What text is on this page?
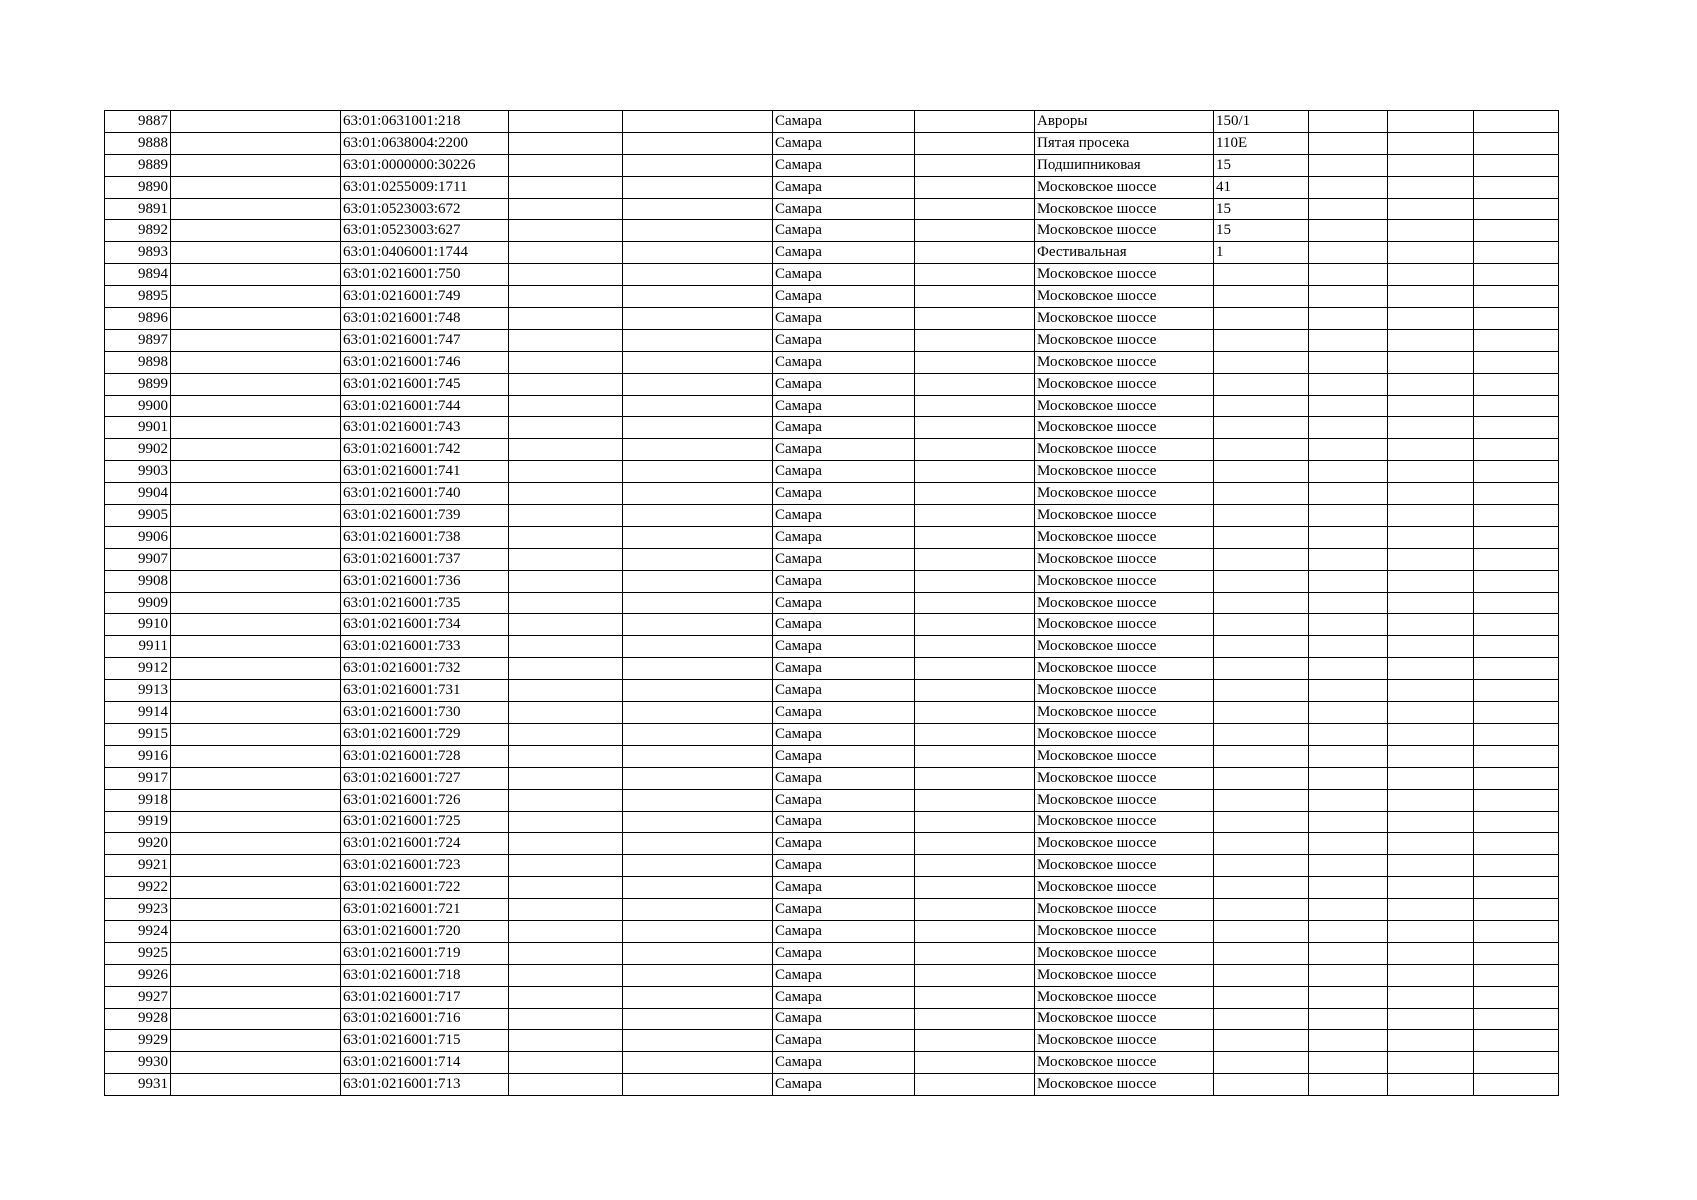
9887		63:01:0631001:218			Самара		Авроры	150/1			
9888		63:01:0638004:2200			Самара		Пятая просека	110Е			
9889		63:01:0000000:30226			Самара		Подшипниковая	15			
9890		63:01:0255009:1711			Самара		Московское шоссе	41			
9891		63:01:0523003:672			Самара		Московское шоссе	15			
9892		63:01:0523003:627			Самара		Московское шоссе	15			
9893		63:01:0406001:1744			Самара		Фестивальная	1			
9894		63:01:0216001:750			Самара		Московское шоссе				
9895		63:01:0216001:749			Самара		Московское шоссе				
9896		63:01:0216001:748			Самара		Московское шоссе				
9897		63:01:0216001:747			Самара		Московское шоссе				
9898		63:01:0216001:746			Самара		Московское шоссе				
9899		63:01:0216001:745			Самара		Московское шоссе				
9900		63:01:0216001:744			Самара		Московское шоссе				
9901		63:01:0216001:743			Самара		Московское шоссе				
9902		63:01:0216001:742			Самара		Московское шоссе				
9903		63:01:0216001:741			Самара		Московское шоссе				
9904		63:01:0216001:740			Самара		Московское шоссе				
9905		63:01:0216001:739			Самара		Московское шоссе				
9906		63:01:0216001:738			Самара		Московское шоссе				
9907		63:01:0216001:737			Самара		Московское шоссе				
9908		63:01:0216001:736			Самара		Московское шоссе				
9909		63:01:0216001:735			Самара		Московское шоссе				
9910		63:01:0216001:734			Самара		Московское шоссе				
9911		63:01:0216001:733			Самара		Московское шоссе				
9912		63:01:0216001:732			Самара		Московское шоссе				
9913		63:01:0216001:731			Самара		Московское шоссе				
9914		63:01:0216001:730			Самара		Московское шоссе				
9915		63:01:0216001:729			Самара		Московское шоссе				
9916		63:01:0216001:728			Самара		Московское шоссе				
9917		63:01:0216001:727			Самара		Московское шоссе				
9918		63:01:0216001:726			Самара		Московское шоссе				
9919		63:01:0216001:725			Самара		Московское шоссе				
9920		63:01:0216001:724			Самара		Московское шоссе				
9921		63:01:0216001:723			Самара		Московское шоссе				
9922		63:01:0216001:722			Самара		Московское шоссе				
9923		63:01:0216001:721			Самара		Московское шоссе				
9924		63:01:0216001:720			Самара		Московское шоссе				
9925		63:01:0216001:719			Самара		Московское шоссе				
9926		63:01:0216001:718			Самара		Московское шоссе				
9927		63:01:0216001:717			Самара		Московское шоссе				
9928		63:01:0216001:716			Самара		Московское шоссе				
9929		63:01:0216001:715			Самара		Московское шоссе				
9930		63:01:0216001:714			Самара		Московское шоссе				
9931		63:01:0216001:713			Самара		Московское шоссе				
